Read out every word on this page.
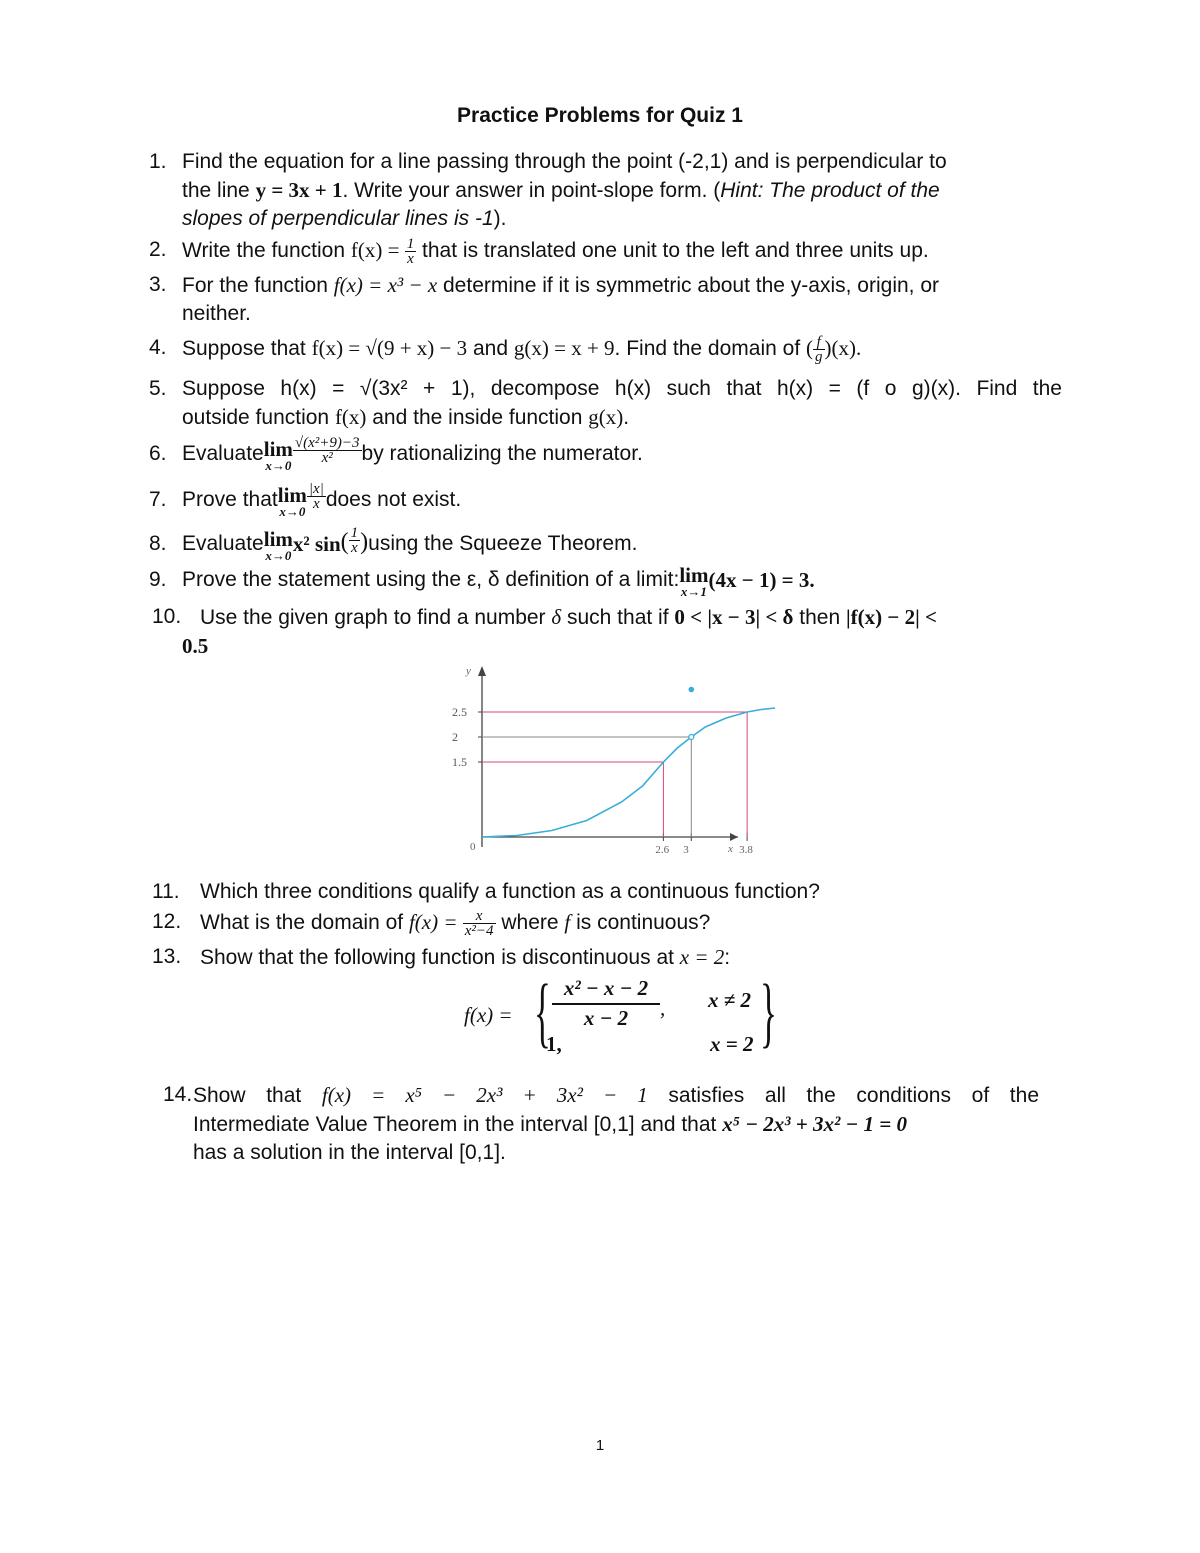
Practice Problems for Quiz 1
1. Find the equation for a line passing through the point (-2,1) and is perpendicular to
the line y = 3x + 1. Write your answer in point-slope form. (Hint: The product of the
slopes of perpendicular lines is -1).
2. Write the function $f(x) = \frac{1}{x}$ that is translated one unit to the left and three units up.
3. For the function f(x) = x³ − x determine if it is symmetric about the y-axis, origin, or
neither.
4. Suppose that f(x) = √(9 + x) − 3 and g(x) = x + 9. Find the domain of ( $\frac{f}{g} )(x)$.
5. Suppose h(x) = √(3x² + 1), decompose h(x) such that h(x) = (f o g)(x). Find the
outside function f(x) and the inside function g(x).
6. Evaluatelim
x→0
$\frac{\text{√(x²+9)−3}}{\text{x²}}$ by rationalizing the numerator.
7. Prove thatlim
x→0
$\frac{|x|}{x}$ does not exist.
8. Evaluatelim
x→0 x² $\sin( \frac{1}{x} )using$ the Squeeze Theorem.
9. Prove the statement using the ε, δ definition of a limit:lim
x→1 (4x − 1) = 3.
10. Use the given graph to find a number δ such that if 0 < |x − 3| < δ then |f(x) − 2| <
0.5
y
x
0
1.5
2
2.5
2.6 3	3.8
11. Which three conditions qualify a function as a continuous function?
12. What is the domain of $f(x) = \frac{x}{\text{x²−4}}$ where f is continuous?
13. Show that the following function is discontinuous at x = 2:
f(x) = { x² − x − 2
x − 2	, x ≠ 2
1,	x = 2 }
14. Show that f(x) = x⁵ − 2x³ + 3x² − 1 satisfies all the conditions of the
Intermediate Value Theorem in the interval [0,1] and that x⁵ − 2x³ + 3x² − 1 = 0
has a solution in the interval [0,1].
1
